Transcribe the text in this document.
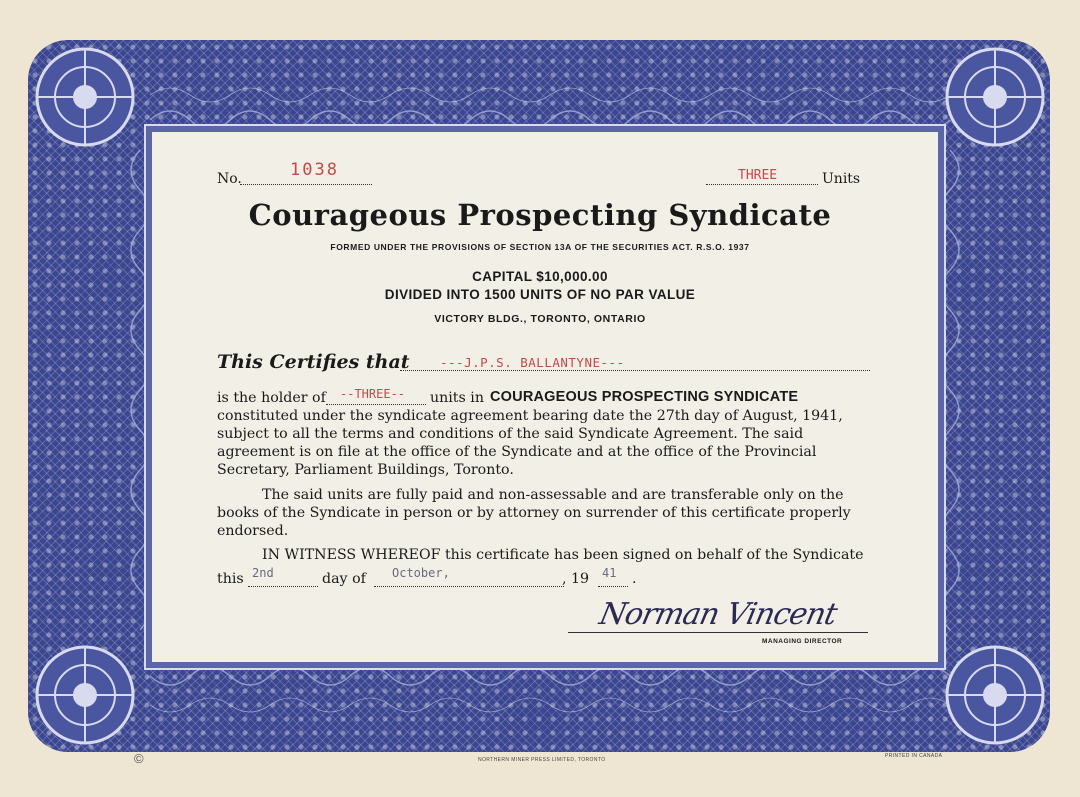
No.	1038	THREE	Units
Courageous Prospecting Syndicate
FORMED UNDER THE PROVISIONS OF SECTION 13A OF THE SECURITIES ACT. R.S.O. 1937
CAPITAL $10,000.00
DIVIDED INTO 1500 UNITS OF NO PAR VALUE
VICTORY BLDG., TORONTO, ONTARIO
This Certifies that ---J.P.S. BALLANTYNE---
is the holder of --THREE-- units in COURAGEOUS PROSPECTING SYNDICATE
constituted under the syndicate agreement bearing date the 27th day of August, 1941,
subject to all the terms and conditions of the said Syndicate Agreement. The said
agreement is on file at the office of the Syndicate and at the office of the Provincial
Secretary, Parliament Buildings, Toronto.
The said units are fully paid and non-assessable and are transferable only on the
books of the Syndicate in person or by attorney on surrender of this certificate properly
endorsed.
IN WITNESS WHEREOF this certificate has been signed on behalf of the Syndicate
this 2nd	day of October,	, 19 41 .
Norman Vincent
MANAGING DIRECTOR
©	NORTHERN MINER PRESS LIMITED, TORONTO
PRINTED IN CANADA
